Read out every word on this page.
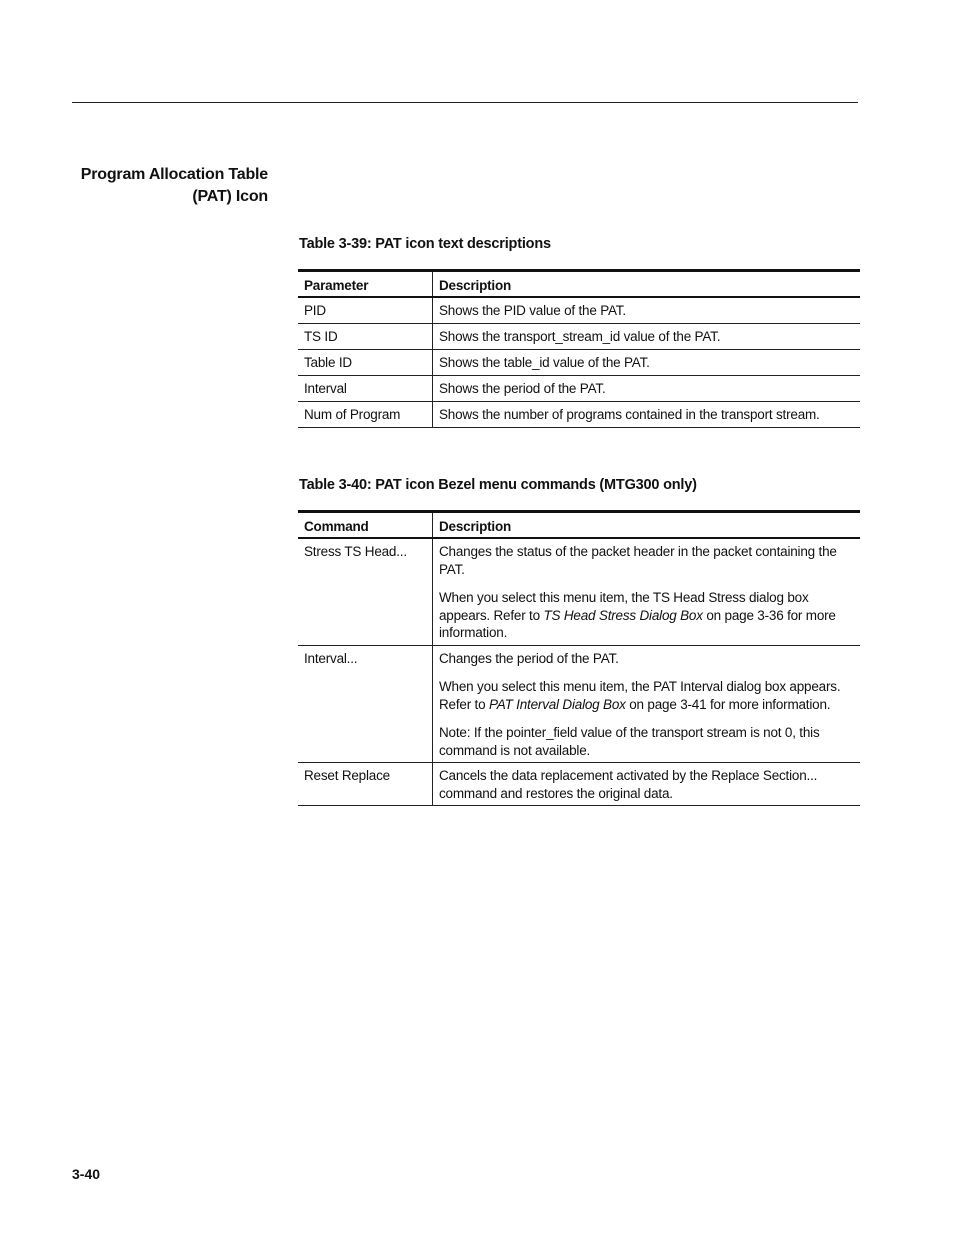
Program Allocation Table
(PAT) Icon
Table 3-39: PAT icon text descriptions
Parameter	Description
PID	Shows the PID value of the PAT.
TS ID	Shows the transport_stream_id value of the PAT.
Table ID	Shows the table_id value of the PAT.
Interval	Shows the period of the PAT.
Num of Program	Shows the number of programs contained in the transport stream.
Table 3-40: PAT icon Bezel menu commands (MTG300 only)
Command	Description
Stress TS Head...	Changes the status of the packet header in the packet containing the PAT.

When you select this menu item, the TS Head Stress dialog box appears. Refer to TS Head Stress Dialog Box on page 3-36 for more information.

Interval...	Changes the period of the PAT.

When you select this menu item, the PAT Interval dialog box appears. Refer to PAT Interval Dialog Box on page 3-41 for more information.

Note: If the pointer_field value of the transport stream is not 0, this command is not available.

Reset Replace	Cancels the data replacement activated by the Replace Section... command and restores the original data.

3-40
